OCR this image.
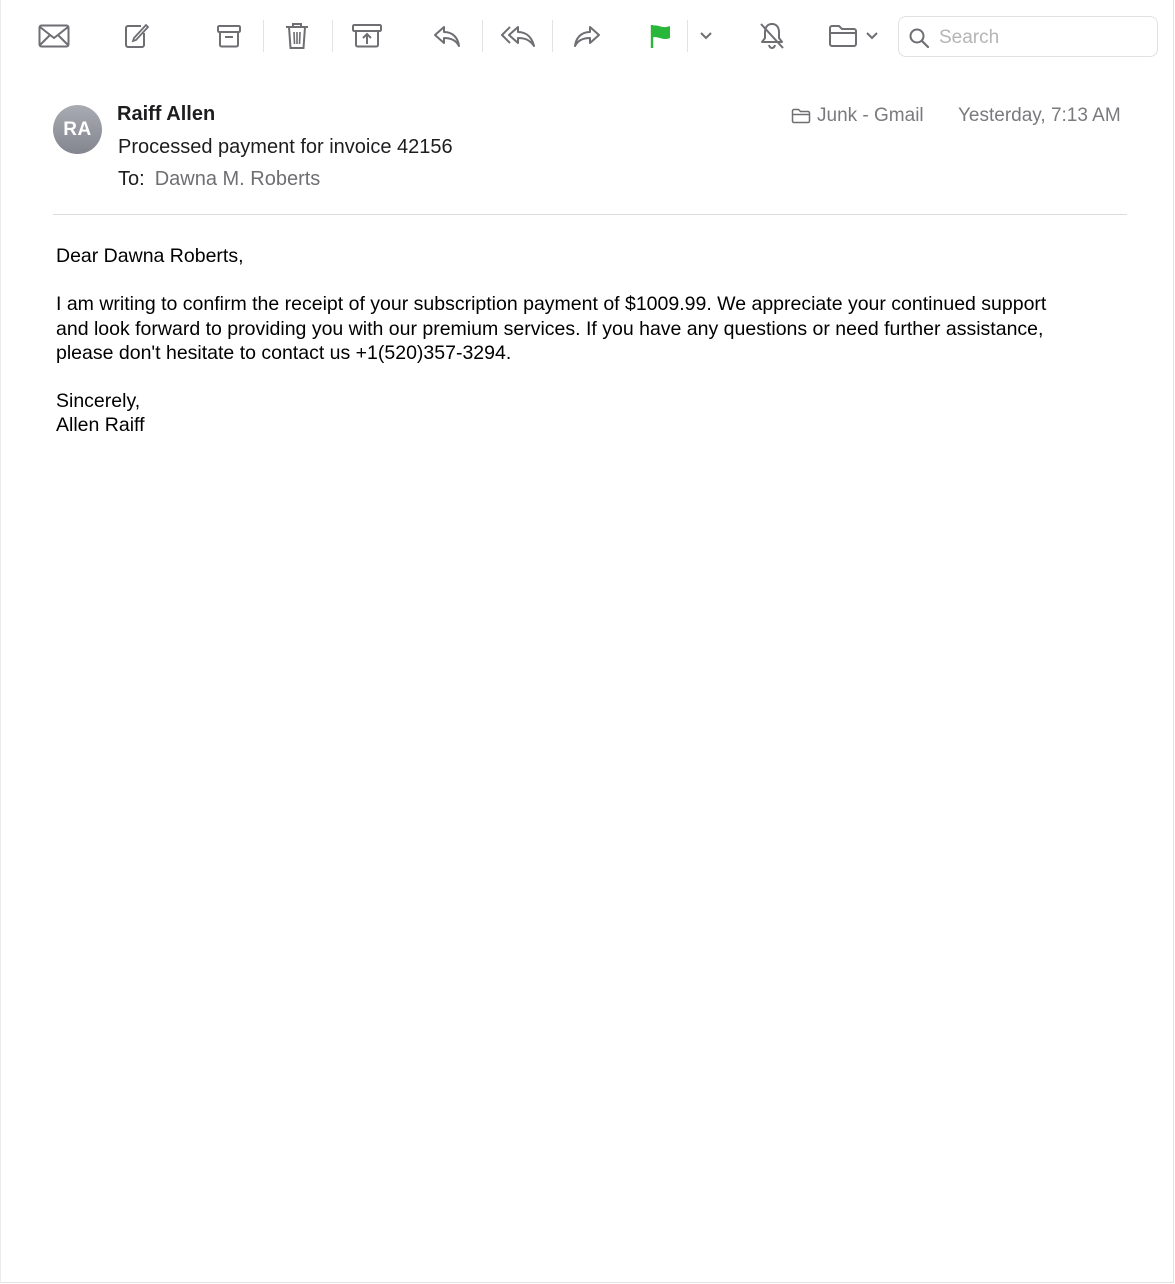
Search
RA
Raiff Allen
Processed payment for invoice 42156
To: Dawna M. Roberts
Junk - Gmail Yesterday, 7:13 AM

Dear Dawna Roberts,

I am writing to confirm the receipt of your subscription payment of $1009.99. We appreciate your continued support
and look forward to providing you with our premium services. If you have any questions or need further assistance,
please don't hesitate to contact us +1(520)357-3294.

Sincerely,
Allen Raiff
